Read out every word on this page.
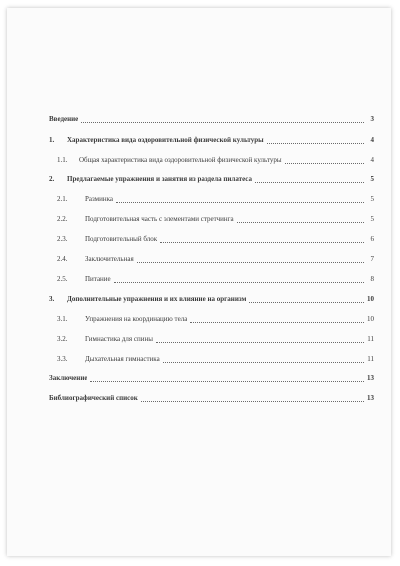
Введение	3
1.	Характеристика вида оздоровительной физической культуры	4
1.1.	Общая характеристика вида оздоровительной физической культуры	4
2.	Предлагаемые упражнения и занятия из раздела пилатеса	5
2.1.	Разминка	5
2.2.	Подготовительная часть с элементами стретчинга	5
2.3.	Подготовительный блок	6
2.4.	Заключительная	7
2.5.	Питание	8
3.	Дополнительные упражнения и их влияние на организм	10
3.1.	Упражнения на координацию тела	10
3.2.	Гимнастика для спины	11
3.3.	Дыхательная гимнастика	11
Заключение	13
Библиографический список	13
